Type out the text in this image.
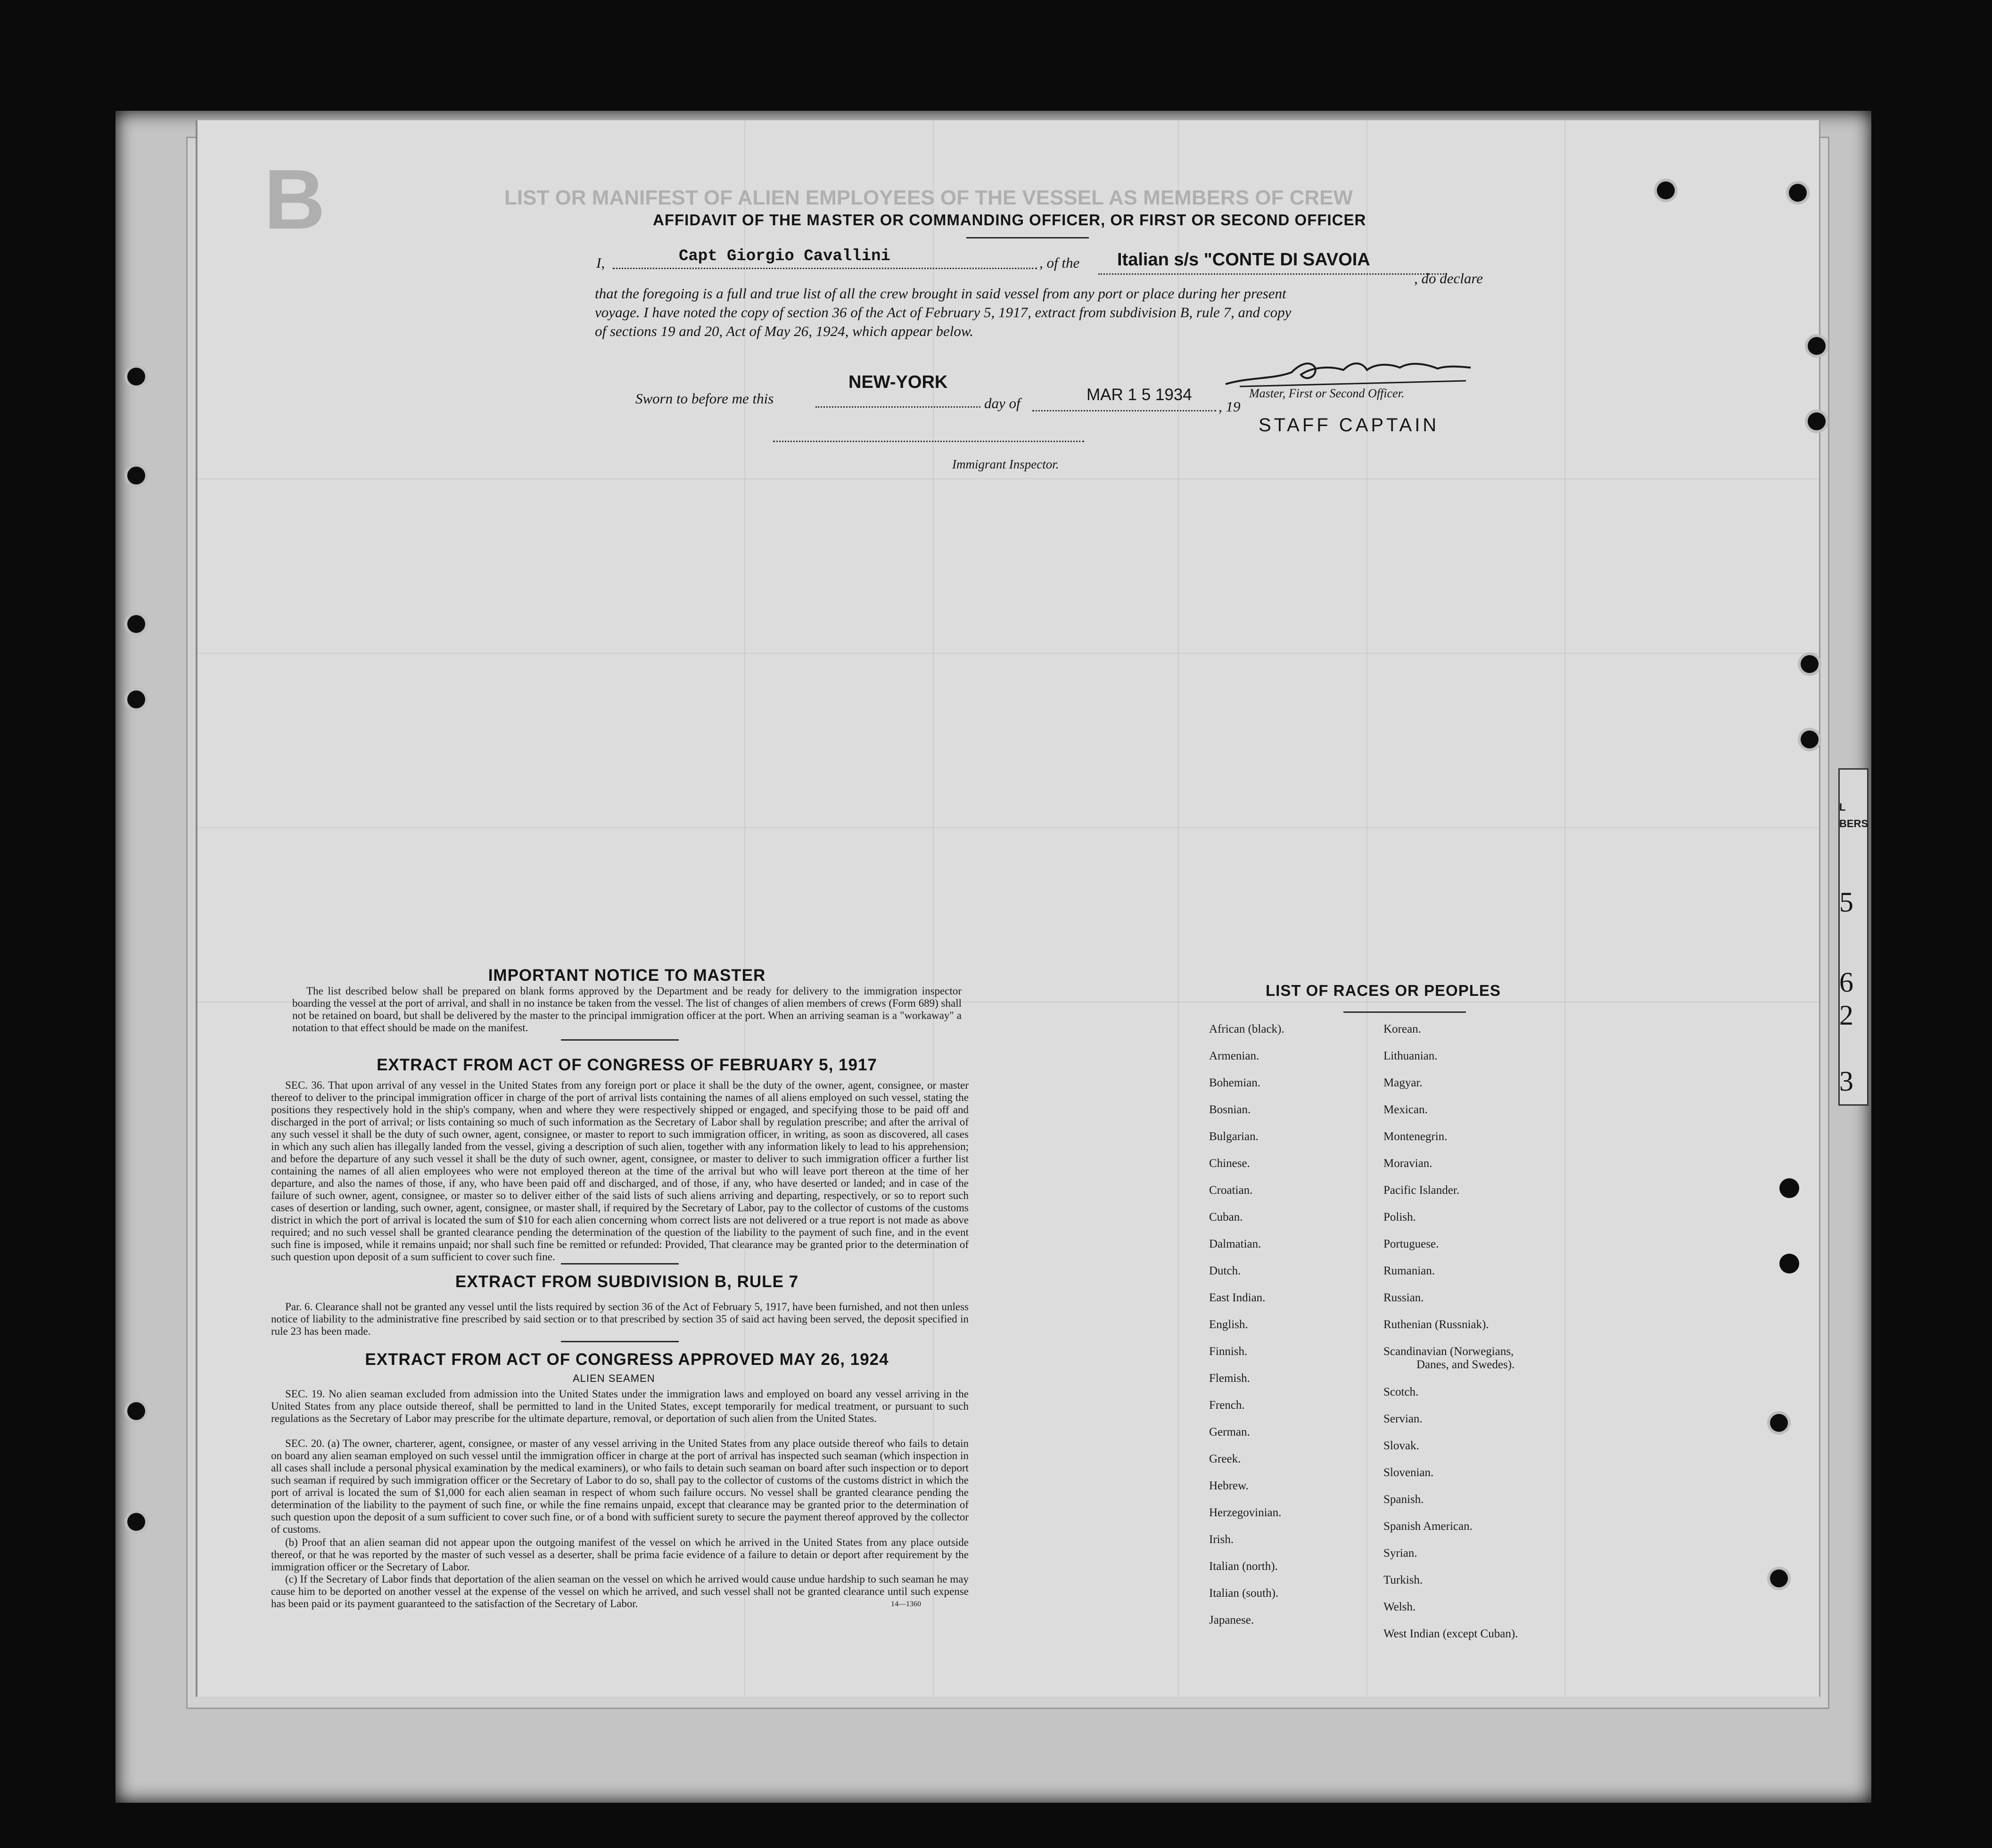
LIST OR MANIFEST OF ALIEN EMPLOYEES OF THE VESSEL AS MEMBERS OF CREW
B
L
BERS
5
6
2
3
AFFIDAVIT OF THE MASTER OR COMMANDING OFFICER, OR FIRST OR SECOND OFFICER
I,	Capt Giorgio Cavallini	, of the Italian s/s "CONTE DI SAVOIA
, do declare
that the foregoing is a full and true list of all the crew brought in said vessel from any port or place during her present
voyage. I have noted the copy of section 36 of the Act of February 5, 1917, extract from subdivision B, rule 7, and copy
of sections 19 and 20, Act of May 26, 1924, which appear below.
NEW-YORK
Sworn to before me this	day of	MAR 1 5 1934
, 19
Master, First or Second Officer.
STAFF CAPTAIN
Immigrant Inspector.
IMPORTANT NOTICE TO MASTER
The list described below shall be prepared on blank forms approved by the Department and be ready for delivery to the immigration inspector boarding the vessel at the port of arrival, and shall in no instance be taken from the vessel. The list of changes of alien members of crews (Form 689) shall not be retained on board, but shall be delivered by the master to the principal immigration officer at the port. When an arriving seaman is a "workaway" a notation to that effect should be made on the manifest.
EXTRACT FROM ACT OF CONGRESS OF FEBRUARY 5, 1917
SEC. 36. That upon arrival of any vessel in the United States from any foreign port or place it shall be the duty of the owner, agent, consignee, or master thereof to deliver to the principal immigration officer in charge of the port of arrival lists containing the names of all aliens employed on such vessel, stating the positions they respectively hold in the ship's company, when and where they were respectively shipped or engaged, and specifying those to be paid off and discharged in the port of arrival; or lists containing so much of such information as the Secretary of Labor shall by regulation prescribe; and after the arrival of any such vessel it shall be the duty of such owner, agent, consignee, or master to report to such immigration officer, in writing, as soon as discovered, all cases in which any such alien has illegally landed from the vessel, giving a description of such alien, together with any information likely to lead to his apprehension; and before the departure of any such vessel it shall be the duty of such owner, agent, consignee, or master to deliver to such immigration officer a further list containing the names of all alien employees who were not employed thereon at the time of the arrival but who will leave port thereon at the time of her departure, and also the names of those, if any, who have been paid off and discharged, and of those, if any, who have deserted or landed; and in case of the failure of such owner, agent, consignee, or master so to deliver either of the said lists of such aliens arriving and departing, respectively, or so to report such cases of desertion or landing, such owner, agent, consignee, or master shall, if required by the Secretary of Labor, pay to the collector of customs of the customs district in which the port of arrival is located the sum of $10 for each alien concerning whom correct lists are not delivered or a true report is not made as above required; and no such vessel shall be granted clearance pending the determination of the question of the liability to the payment of such fine, and in the event such fine is imposed, while it remains unpaid; nor shall such fine be remitted or refunded: Provided, That clearance may be granted prior to the determination of such question upon deposit of a sum sufficient to cover such fine.
EXTRACT FROM SUBDIVISION B, RULE 7
Par. 6. Clearance shall not be granted any vessel until the lists required by section 36 of the Act of February 5, 1917, have been furnished, and not then unless notice of liability to the administrative fine prescribed by said section or to that prescribed by section 35 of said act having been served, the deposit specified in rule 23 has been made.
EXTRACT FROM ACT OF CONGRESS APPROVED MAY 26, 1924
ALIEN SEAMEN
SEC. 19. No alien seaman excluded from admission into the United States under the immigration laws and employed on board any vessel arriving in the United States from any place outside thereof, shall be permitted to land in the United States, except temporarily for medical treatment, or pursuant to such regulations as the Secretary of Labor may prescribe for the ultimate departure, removal, or deportation of such alien from the United States.
SEC. 20. (a) The owner, charterer, agent, consignee, or master of any vessel arriving in the United States from any place outside thereof who fails to detain on board any alien seaman employed on such vessel until the immigration officer in charge at the port of arrival has inspected such seaman (which inspection in all cases shall include a personal physical examination by the medical examiners), or who fails to detain such seaman on board after such inspection or to deport such seaman if required by such immigration officer or the Secretary of Labor to do so, shall pay to the collector of customs of the customs district in which the port of arrival is located the sum of $1,000 for each alien seaman in respect of whom such failure occurs. No vessel shall be granted clearance pending the determination of the liability to the payment of such fine, or while the fine remains unpaid, except that clearance may be granted prior to the determination of such question upon the deposit of a sum sufficient to cover such fine, or of a bond with sufficient surety to secure the payment thereof approved by the collector of customs.
(b) Proof that an alien seaman did not appear upon the outgoing manifest of the vessel on which he arrived in the United States from any place outside thereof, or that he was reported by the master of such vessel as a deserter, shall be prima facie evidence of a failure to detain or deport after requirement by the immigration officer or the Secretary of Labor.
(c) If the Secretary of Labor finds that deportation of the alien seaman on the vessel on which he arrived would cause undue hardship to such seaman he may cause him to be deported on another vessel at the expense of the vessel on which he arrived, and such vessel shall not be granted clearance until such expense has been paid or its payment guaranteed to the satisfaction of the Secretary of Labor.	14—1360
LIST OF RACES OR PEOPLES
African (black).
Armenian.
Bohemian.
Bosnian.
Bulgarian.
Chinese.
Croatian.
Cuban.
Dalmatian.
Dutch.
East Indian.
English.
Finnish.
Flemish.
French.
German.
Greek.
Hebrew.
Herzegovinian.
Irish.
Italian (north).
Italian (south).
Japanese.
Korean.
Lithuanian.
Magyar.
Mexican.
Montenegrin.
Moravian.
Pacific Islander.
Polish.
Portuguese.
Rumanian.
Russian.
Ruthenian (Russniak).
Scandinavian (Norwegians,
Danes, and Swedes).
Scotch.
Servian.
Slovak.
Slovenian.
Spanish.
Spanish American.
Syrian.
Turkish.
Welsh.
West Indian (except Cuban).
